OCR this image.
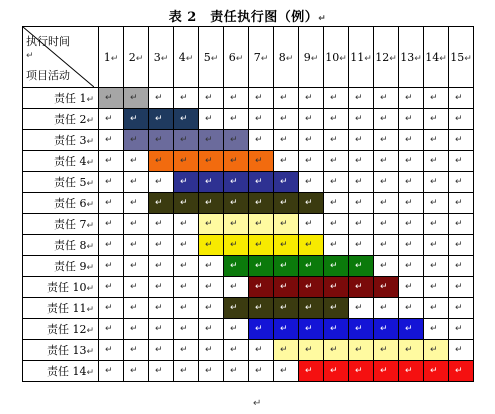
表 2　责任执行图（例）↵
执行时间
↵
项目活动	1↵	2↵	3↵	4↵	5↵	6↵	7↵	8↵	9↵	10↵	11↵	12↵	13↵	14↵	15↵
责任 1↵	↵	↵	↵	↵	↵	↵	↵	↵	↵	↵	↵	↵	↵	↵	↵

责任 2↵	↵	↵	↵	↵	↵	↵	↵	↵	↵	↵	↵	↵	↵	↵	↵

责任 3↵	↵	↵	↵	↵	↵	↵	↵	↵	↵	↵	↵	↵	↵	↵	↵

责任 4↵	↵	↵	↵	↵	↵	↵	↵	↵	↵	↵	↵	↵	↵	↵	↵

责任 5↵	↵	↵	↵	↵	↵	↵	↵	↵	↵	↵	↵	↵	↵	↵	↵

责任 6↵	↵	↵	↵	↵	↵	↵	↵	↵	↵	↵	↵	↵	↵	↵	↵

责任 7↵	↵	↵	↵	↵	↵	↵	↵	↵	↵	↵	↵	↵	↵	↵	↵

责任 8↵	↵	↵	↵	↵	↵	↵	↵	↵	↵	↵	↵	↵	↵	↵	↵

责任 9↵	↵	↵	↵	↵	↵	↵	↵	↵	↵	↵	↵	↵	↵	↵	↵

责任 10↵	↵	↵	↵	↵	↵	↵	↵	↵	↵	↵	↵	↵	↵	↵	↵

责任 11↵	↵	↵	↵	↵	↵	↵	↵	↵	↵	↵	↵	↵	↵	↵	↵

责任 12↵	↵	↵	↵	↵	↵	↵	↵	↵	↵	↵	↵	↵	↵	↵	↵

责任 13↵	↵	↵	↵	↵	↵	↵	↵	↵	↵	↵	↵	↵	↵	↵	↵

责任 14↵	↵	↵	↵	↵	↵	↵	↵	↵	↵	↵	↵	↵	↵	↵	↵
↵
